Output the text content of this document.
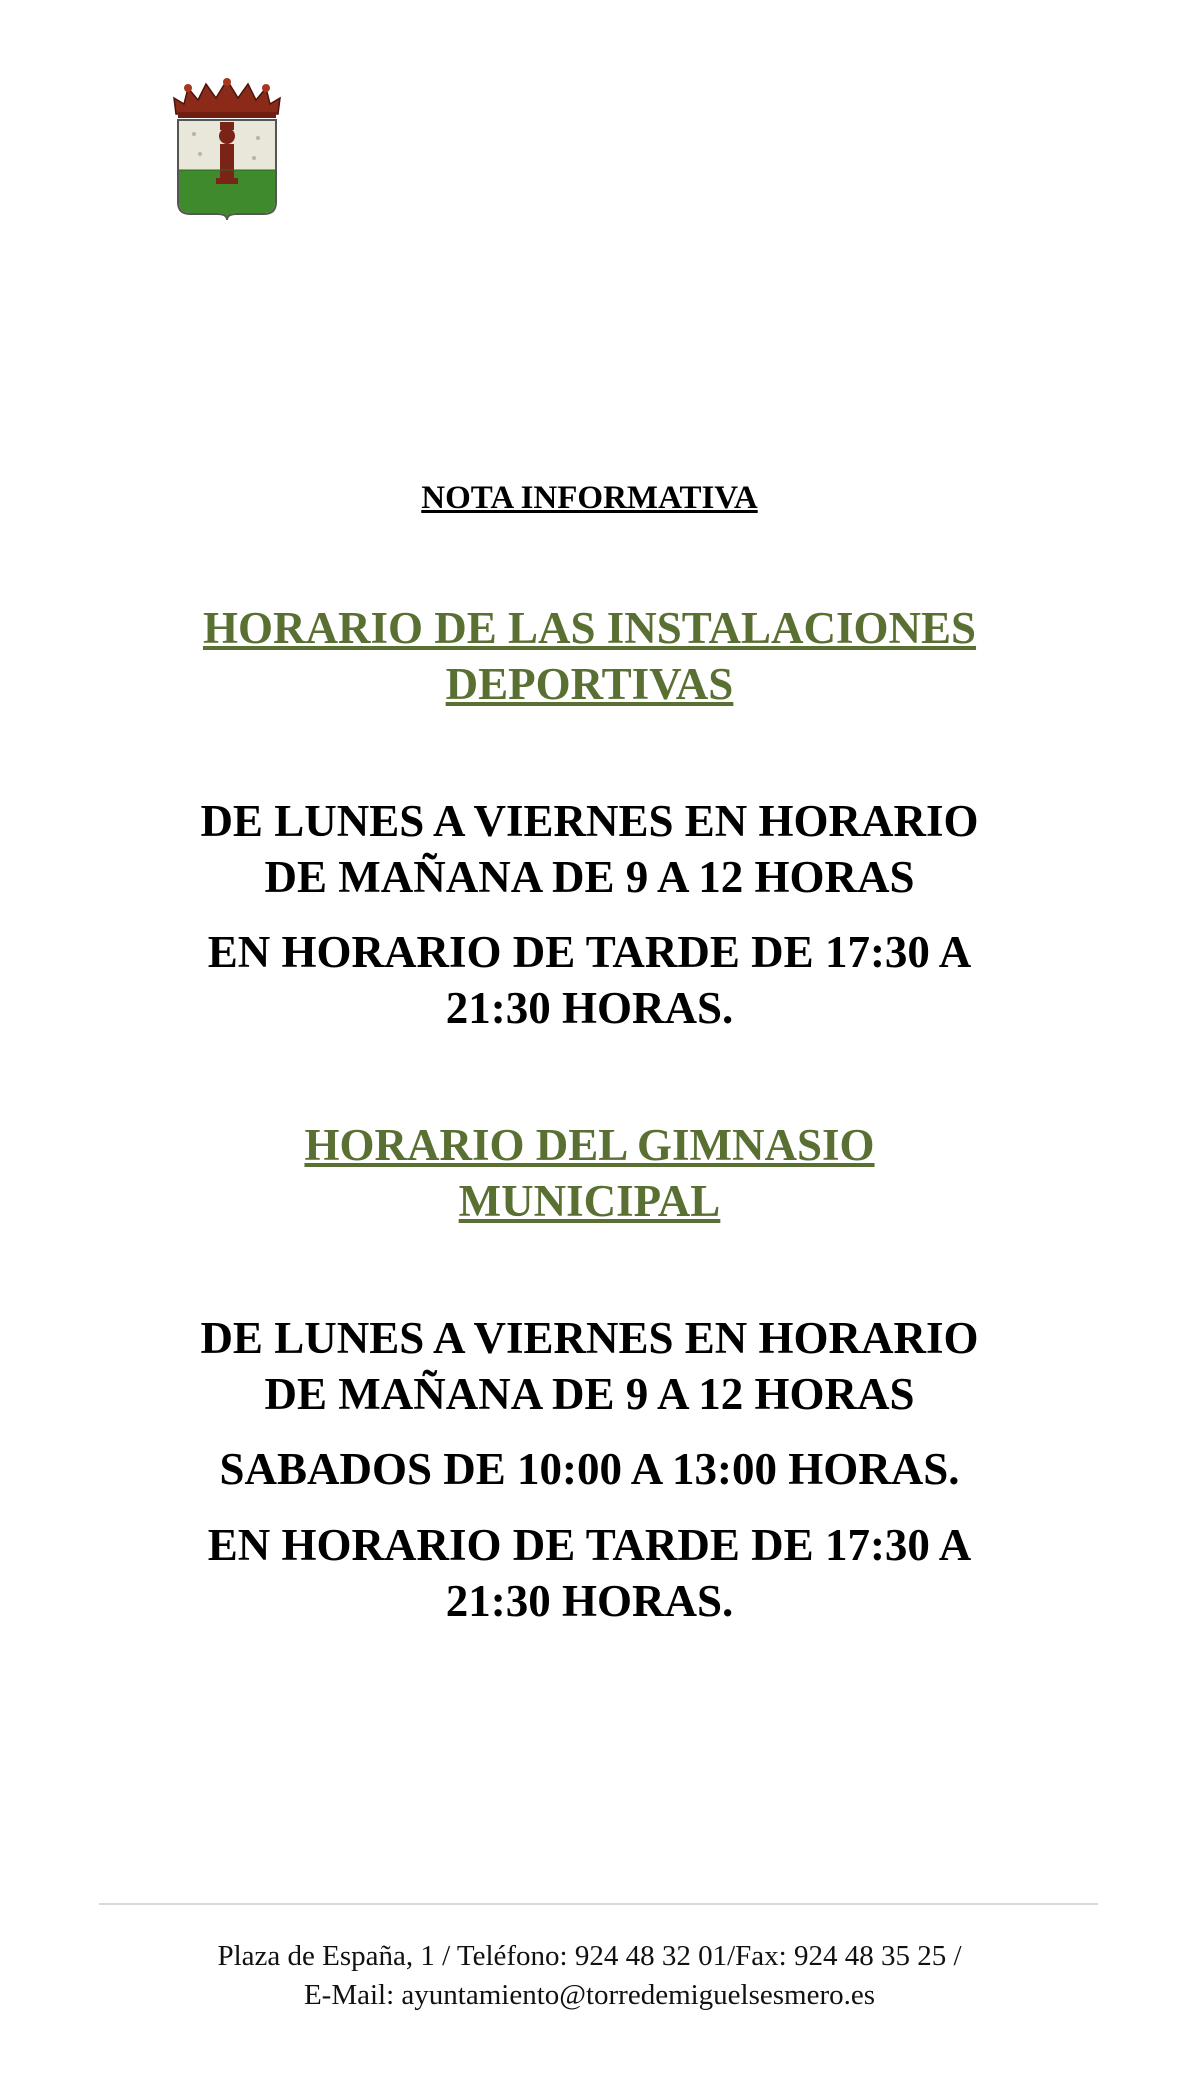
NOTA INFORMATIVA
HORARIO DE LAS INSTALACIONES
DEPORTIVAS
DE LUNES A VIERNES EN HORARIO
DE MAÑANA DE 9 A 12 HORAS
EN HORARIO DE TARDE DE 17:30 A
21:30 HORAS.
HORARIO DEL GIMNASIO
MUNICIPAL
DE LUNES A VIERNES EN HORARIO
DE MAÑANA DE 9 A 12 HORAS
SABADOS DE 10:00 A 13:00 HORAS.
EN HORARIO DE TARDE DE 17:30 A
21:30 HORAS.
Plaza de España, 1 / Teléfono: 924 48 32 01/Fax: 924 48 35 25 /
E-Mail: ayuntamiento@torredemiguelsesmero.es
